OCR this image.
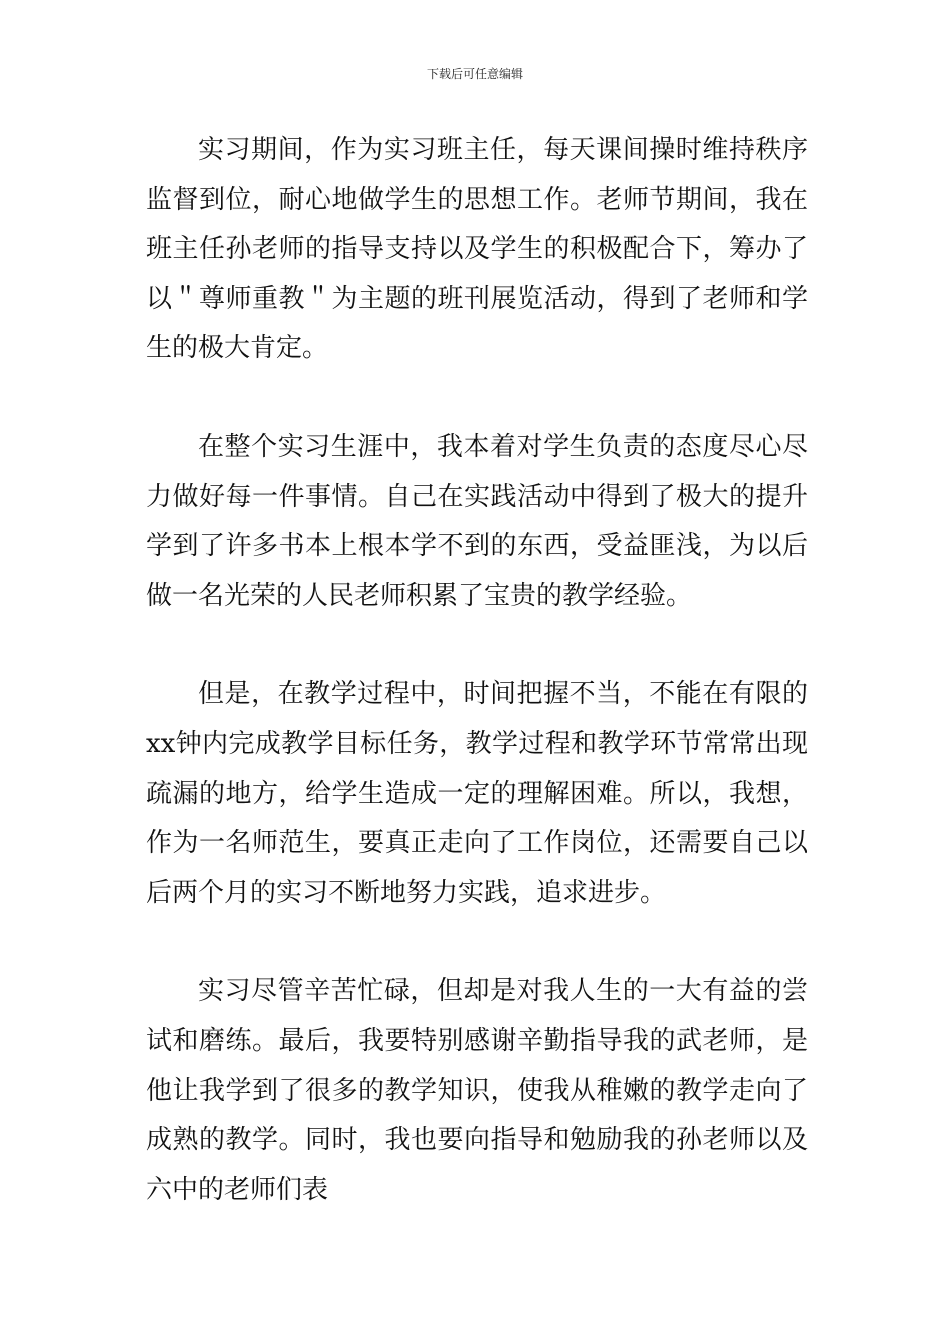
下载后可任意编辑

实习期间，作为实习班主任，每天课间操时维持秩序监督到位，耐心地做学生的思想工作。老师节期间，我在班主任孙老师的指导支持以及学生的积极配合下，筹办了以＂尊师重教＂为主题的班刊展览活动，得到了老师和学生的极大肯定。

在整个实习生涯中，我本着对学生负责的态度尽心尽力做好每一件事情。自己在实践活动中得到了极大的提升学到了许多书本上根本学不到的东西，受益匪浅，为以后做一名光荣的人民老师积累了宝贵的教学经验。

但是，在教学过程中，时间把握不当，不能在有限的xx钟内完成教学目标任务，教学过程和教学环节常常出现疏漏的地方，给学生造成一定的理解困难。所以，我想，作为一名师范生，要真正走向了工作岗位，还需要自己以后两个月的实习不断地努力实践，追求进步。

实习尽管辛苦忙碌，但却是对我人生的一大有益的尝试和磨练。最后，我要特别感谢辛勤指导我的武老师，是他让我学到了很多的教学知识，使我从稚嫩的教学走向了成熟的教学。同时，我也要向指导和勉励我的孙老师以及六中的老师们表
